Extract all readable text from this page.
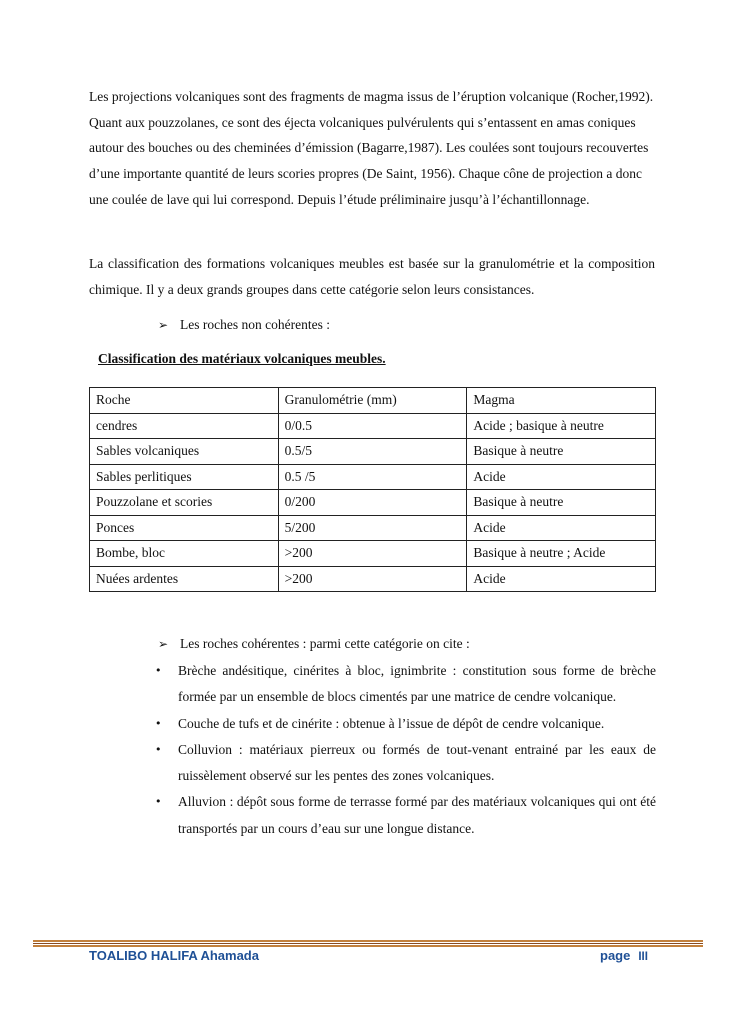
Les projections volcaniques sont des fragments de magma issus de l’éruption volcanique (Rocher,1992). Quant aux pouzzolanes, ce sont des éjecta volcaniques pulvérulents qui s’entassent en amas coniques autour des bouches ou des cheminées d’émission (Bagarre,1987). Les coulées sont toujours recouvertes d’une importante quantité de leurs scories propres (De Saint, 1956). Chaque cône de projection a donc une coulée de lave qui lui correspond. Depuis l’étude préliminaire jusqu’à l’échantillonnage.

La classification des formations volcaniques meubles est basée sur la granulométrie et la composition chimique. Il y a deux grands groupes dans cette catégorie selon leurs consistances.

➢ Les roches non cohérentes :
Classification des matériaux volcaniques meubles.
Roche	Granulométrie (mm)	Magma
cendres	0/0.5	Acide ; basique à neutre
Sables volcaniques	0.5/5	Basique à neutre
Sables perlitiques	0.5 /5	Acide
Pouzzolane et scories	0/200	Basique à neutre
Ponces	5/200	Acide
Bombe, bloc	>200	Basique à neutre ; Acide
Nuées ardentes	>200	Acide
➢ Les roches cohérentes : parmi cette catégorie on cite :
• Brèche andésitique, cinérites à bloc, ignimbrite : constitution sous forme de brèche formée par un ensemble de blocs cimentés par une matrice de cendre volcanique.
• Couche de tufs et de cinérite : obtenue à l’issue de dépôt de cendre volcanique.
• Colluvion : matériaux pierreux ou formés de tout-venant entrainé par les eaux de ruissèlement observé sur les pentes des zones volcaniques.
• Alluvion : dépôt sous forme de terrasse formé par des matériaux volcaniques qui ont été transportés par un cours d’eau sur une longue distance.
TOALIBO HALIFA Ahamada	page III
